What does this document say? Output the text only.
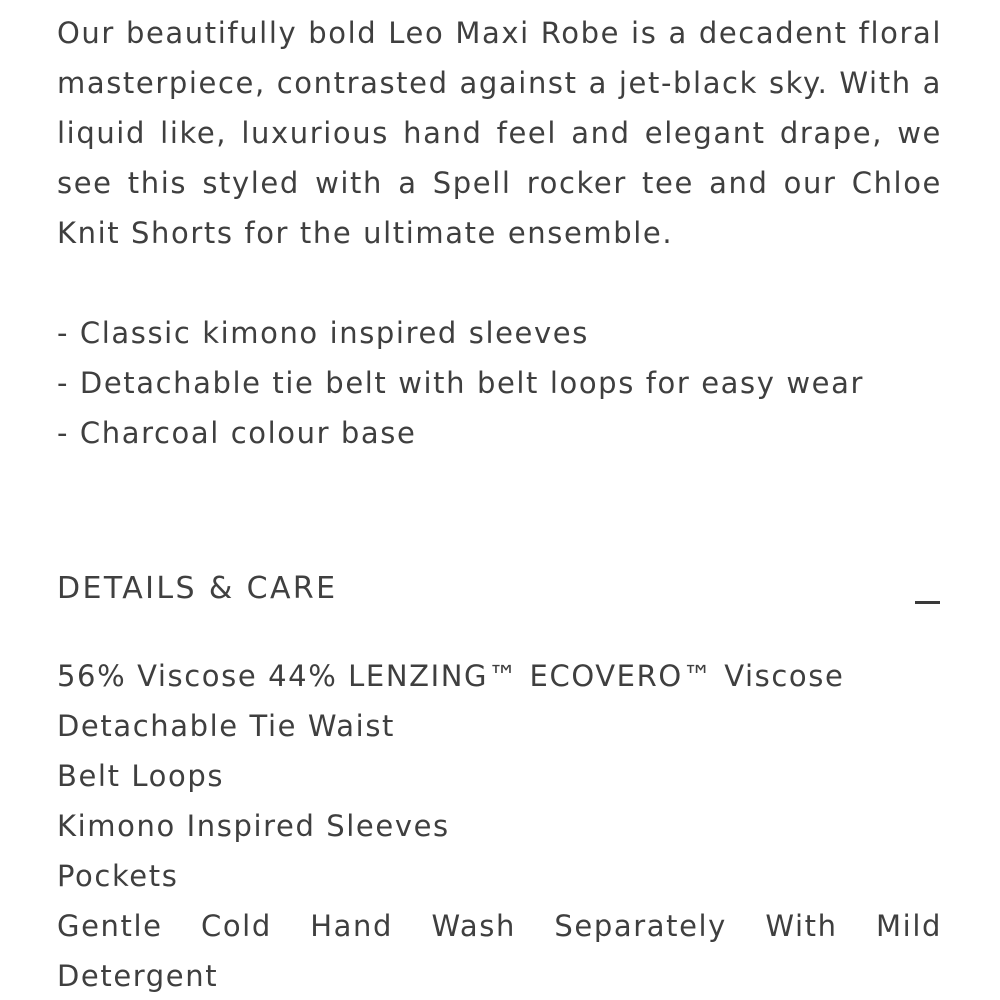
Our beautifully bold Leo Maxi Robe is a decadent floral masterpiece, contrasted against a jet-black sky. With a liquid like, luxurious hand feel and elegant drape, we see this styled with a Spell rocker tee and our Chloe Knit Shorts for the ultimate ensemble.

- Classic kimono inspired sleeves
- Detachable tie belt with belt loops for easy wear
- Charcoal colour base
DETAILS & CARE
56% Viscose 44% LENZING™ ECOVERO™ Viscose
Detachable Tie Waist
Belt Loops
Kimono Inspired Sleeves
Pockets
Gentle Cold Hand Wash Separately With Mild Detergent
